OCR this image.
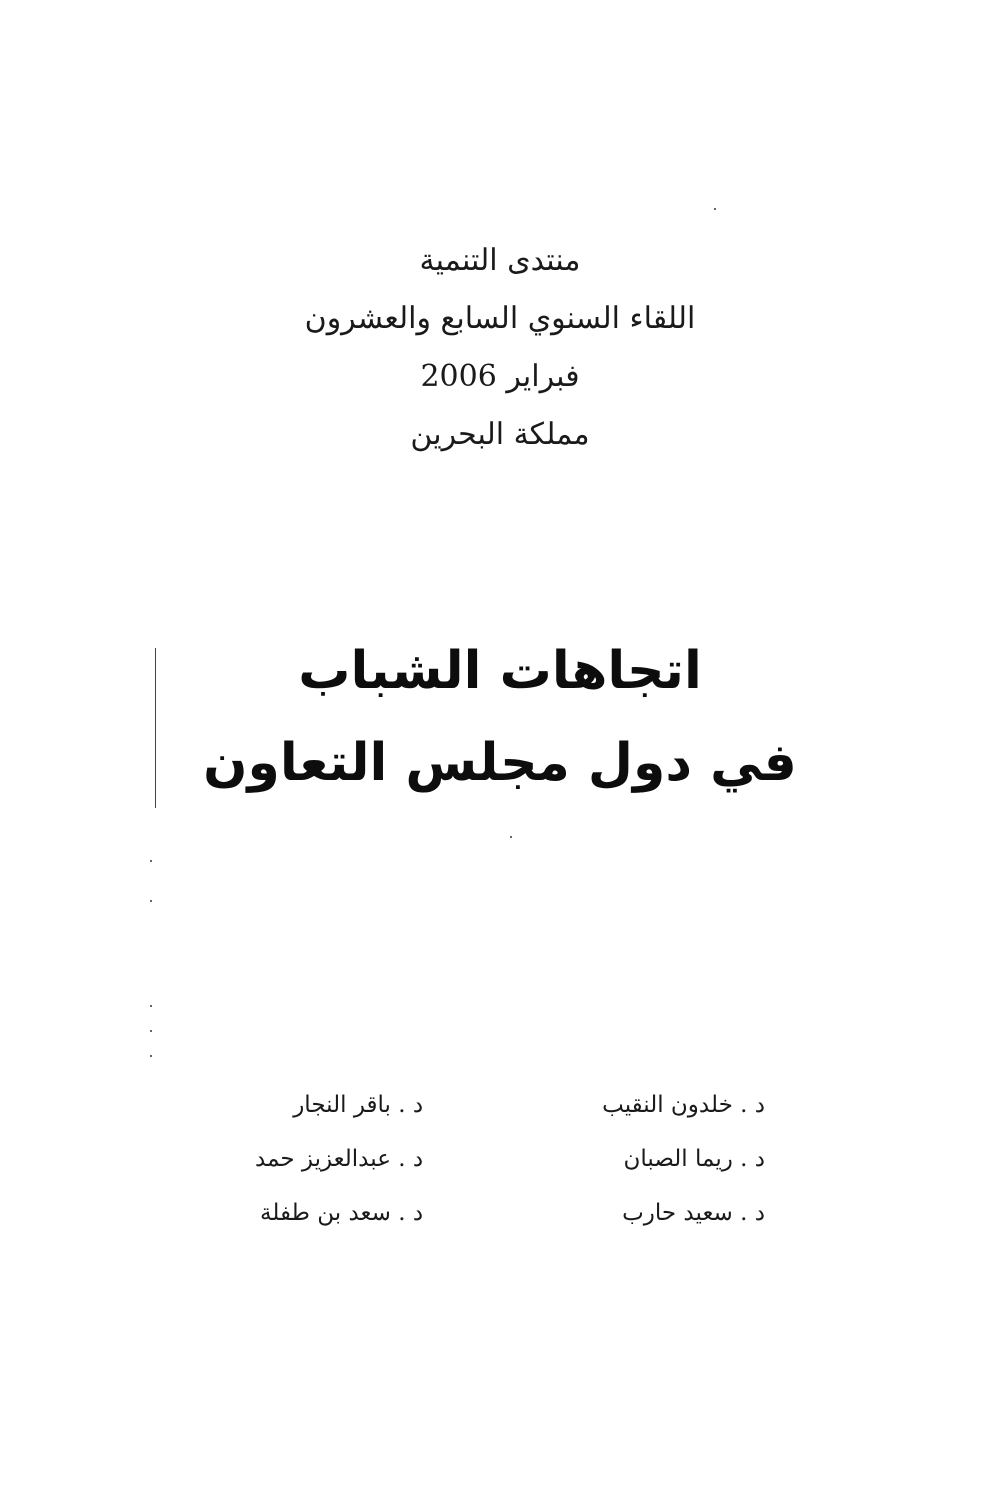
منتدى التنمية
اللقاء السنوي السابع والعشرون
فبراير 2006
مملكة البحرين
اتجاهات الشباب
في دول مجلس التعاون
د . خلدون النقيب
د . ريما الصبان
د . سعيد حارب
د . باقر النجار
د . عبدالعزيز حمد
د . سعد بن طفلة
